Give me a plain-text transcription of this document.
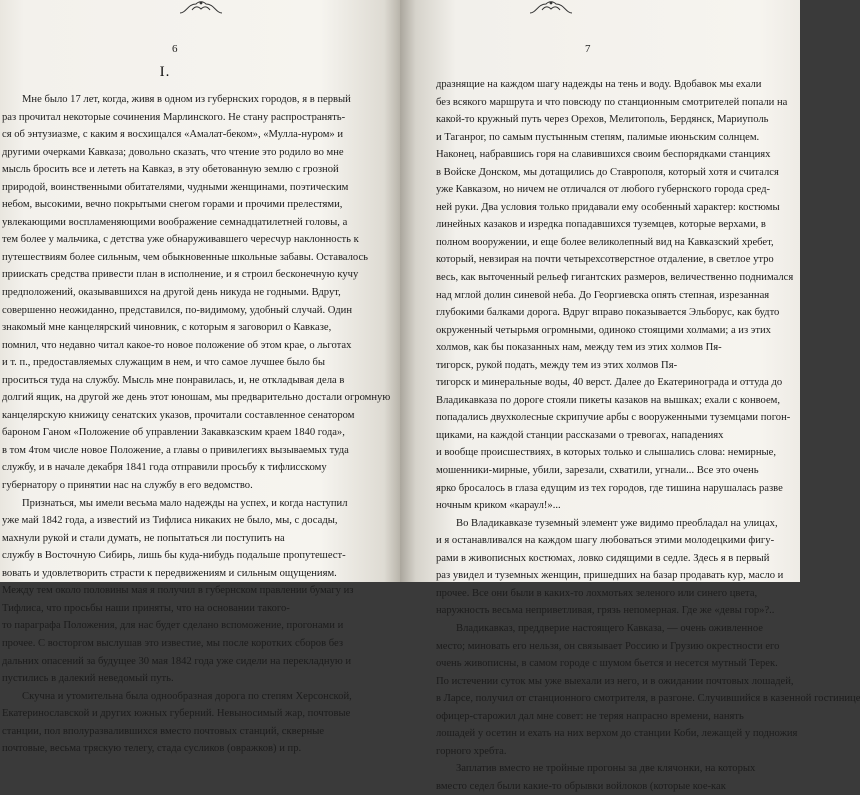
6
I.
Мне было 17 лет, когда, живя в одном из губернских городов, я в первый
раз прочитал некоторые сочинения Марлинского. Не стану распространять-
ся об энтузиазме, с каким я восхищался «Амалат-беком», «Муллa-нуром» и
другими очерками Кавказа; довольно сказать, что чтение это родило во мне
мысль бросить все и лететь на Кавказ, в эту обетованную землю с грозной
природой, воинственными обитателями, чудными женщинами, поэтическим
небом, высокими, вечно покрытыми снегом горами и прочими прелестями,
увлекающими воспламеняющими воображение семнадцатилетней головы, а
тем более у мальчика, с детства уже обнаруживавшего чересчур наклонность к
путешествиям более сильным, чем обыкновенные школьные забавы. Оставалось
приискать средства привести план в исполнение, и я строил бесконечную кучу
предположений, оказывавшихся на другой день никуда не годными. Вдрут,
совершенно неожиданно, представился, по-видимому, удобный случай. Один
знакомый мне канцелярский чиновник, с которым я заговорил о Кавказе,
помнил, что недавно читал какое-то новое положение об этом крае, о льготах
и т. п., предоставляемых служащим в нем, и что самое лучшее было бы
проситься туда на службу. Мысль мне понравилась, и, не откладывая дела в
долгий ящик, на другой же день этот юношам, мы предварительно достали огромную
канцелярскую книжицу сенатских указов, прочитали составленное сенатором
бароном Ганом «Положение об управлении Закавказским краем 1840 года»,
в том 4том числе новое Положение, а главы о привилегиях вызываемых туда
службу, и в начале декабря 1841 года отправили просьбу к тифлисскому
губернатору о принятии нас на службу в его ведомство.
Признаться, мы имели весьма мало надежды на успех, и когда наступил
уже май 1842 года, а известий из Тифлиса никаких не было, мы, с досады,
махнули рукой и стали думать, не попытаться ли поступить на
службу в Восточную Сибирь, лишь бы куда-нибудь подальше пропутешест-
вовать и удовлетворить страсти к передвижениям и сильным ощущениям.
Между тем около половины мая я получил в губернском правлении бумагу из
Тифлиса, что просьбы наши приняты, что на основании такого-
то параграфа Положения, для нас будет сделано вспоможение, прогонами и
прочее. С восторгом выслушав это известие, мы после коротких сборов без
дальних опасений за будущее 30 мая 1842 года уже сидели на перекладную и
пустились в далекий неведомый путь.
Скучна и утомительна была однообразная дорога по степям Херсонской,
Екатеринославской и других южных губерний. Невыносимый жар, почтовые
станции, пол вполуразвалившихся вместо почтовых станций, скверные
почтовые, весьма тряскую телегу, стада сусликов (овражков) и пр.
7
дразнящие на каждом шагу надежды на тень и воду. Вдобавок мы ехали
без всякого маршрута и что повсюду по станционным смотрителей попали на
какой-то кружный путь через Орехов, Мелитополь, Бердянск, Мариуполь
и Таганрог, по самым пустынным степям, палимые июньским солнцем.
Наконец, набравшись горя на славившихся своим беспорядками станциях
в Войске Донском, мы дотащились до Ставрополя, который хотя и считался
уже Кавказом, но ничем не отличался от любого губернского города сред-
ней руки. Два условия только придавали ему особенный характер: костюмы
линейных казаков и изредка попадавшихся туземцев, которые верхами, в
полном вооружении, и еще более великолепный вид на Кавказский хребет,
который, невзирая на почти четырехсотверстное отдаление, в светлое утро
весь, как выточенный рельеф гигантских размеров, величественно поднимался
над мглой долин синевой неба. До Георгиевска опять степная, изрезанная
глубокими балками дорога. Вдруг вправо показывается Эльборус, как будто
окруженный четырьмя огромными, одиноко стоящими холмами; а из этих
холмов, как бы показанных нам, между тем из этих холмов Пя-
тигорск, рукой подать, между тем из этих холмов Пя-
тигорск и минеральные воды, 40 верст. Далее до Екатеринограда и оттуда до
Владикавказа по дороге стояли пикеты казаков на вышках; ехали с конвоем,
попадались двухколесные скрипучие арбы с вооруженными туземцами погон-
щиками, на каждой станции рассказами о тревогах, нападениях
и вообще происшествиях, в которых только и слышались слова: немирные,
мошенники-мирные, убили, зарезали, схватили, угнали... Все это очень
ярко бросалось в глаза едущим из тех городов, где тишина нарушалась разве
ночным криком «караул!»...
Во Владикавказе туземный элемент уже видимо преобладал на улицах,
и я останавливался на каждом шагу любоваться этими молодецкими фигу-
рами в живописных костюмах, ловко сидящими в седле. Здесь я в первый
раз увидел и туземных женщин, пришедших на базар продавать кур, масло и
прочее. Все они были в каких-то лохмотьях зеленого или синего цвета,
наружность весьма неприветливая, грязь непомерная. Где же «девы гор»?..
Владикавказ, преддверие настоящего Кавказа, — очень оживленное
место; миновать его нельзя, он связывает Россию и Грузию окрестности его
очень живописны, в самом городе с шумом бьется и несется мутный Терек.
По истечении суток мы уже выехали из него, и в ожидании почтовых лошадей,
в Ларсе, получил от станционного смотрителя, в разгоне. Случившийся в казенной гостинице
офицер-старожил дал мне совет: не теряя напрасно времени, нанять
лошадей у осетин и ехать на них верхом до станции Коби, лежащей у подножия
горного хребта.
Заплатив вместо не тройные прогоны за две клячонки, на которых
вместо седел были какие-то обрывки войлоков (которые кое-как
